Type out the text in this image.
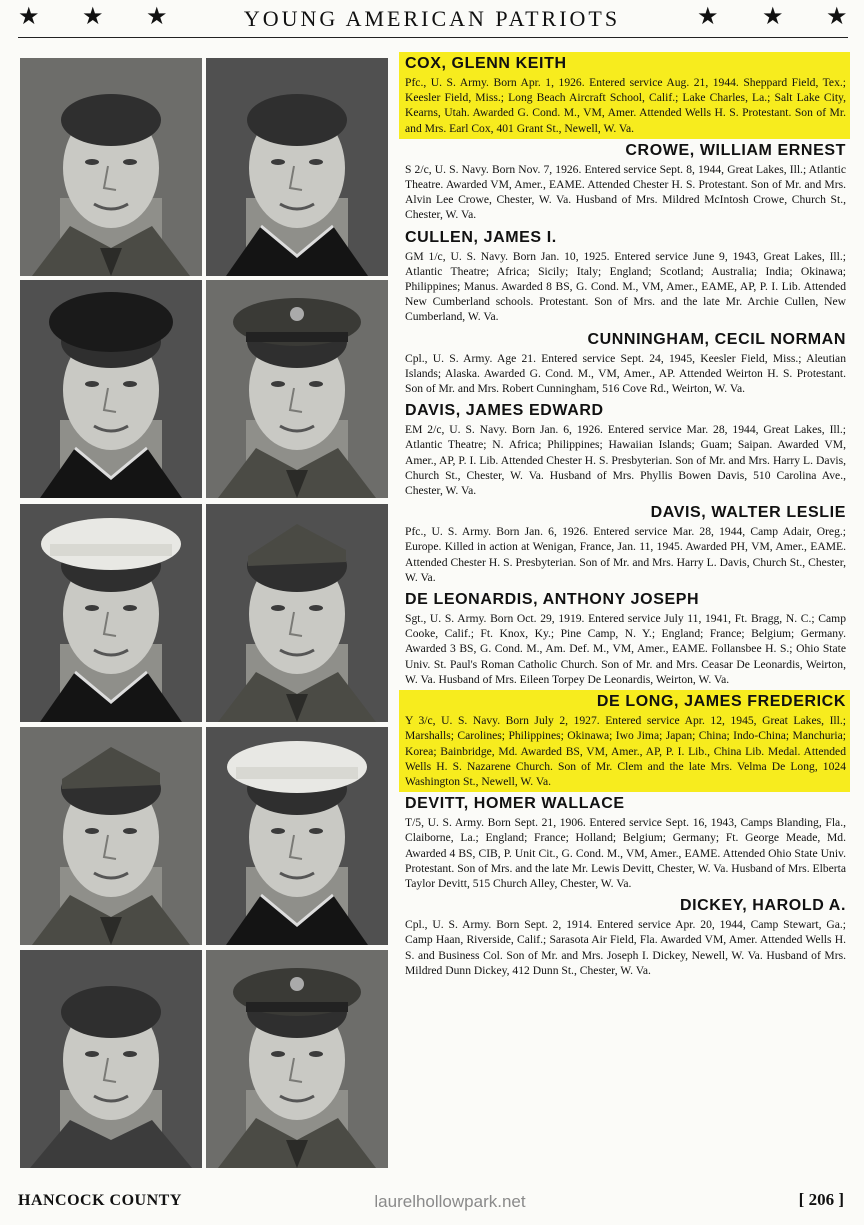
★ ★ ★	YOUNG AMERICAN PATRIOTS	★ ★ ★
COX, GLENN KEITH
Pfc., U. S. Army. Born Apr. 1, 1926. Entered service Aug. 21, 1944. Sheppard Field, Tex.; Keesler Field, Miss.; Long Beach Aircraft School, Calif.; Lake Charles, La.; Salt Lake City, Kearns, Utah. Awarded G. Cond. M., VM, Amer. Attended Wells H. S. Protestant. Son of Mr. and Mrs. Earl Cox, 401 Grant St., Newell, W. Va.
CROWE, WILLIAM ERNEST
S 2/c, U. S. Navy. Born Nov. 7, 1926. Entered service Sept. 8, 1944, Great Lakes, Ill.; Atlantic Theatre. Awarded VM, Amer., EAME. Attended Chester H. S. Protestant. Son of Mr. and Mrs. Alvin Lee Crowe, Chester, W. Va. Husband of Mrs. Mildred McIntosh Crowe, Church St., Chester, W. Va.
CULLEN, JAMES I.
GM 1/c, U. S. Navy. Born Jan. 10, 1925. Entered service June 9, 1943, Great Lakes, Ill.; Atlantic Theatre; Africa; Sicily; Italy; England; Scotland; Australia; India; Okinawa; Philippines; Manus. Awarded 8 BS, G. Cond. M., VM, Amer., EAME, AP, P. I. Lib. Attended New Cumberland schools. Protestant. Son of Mrs. and the late Mr. Archie Cullen, New Cumberland, W. Va.
CUNNINGHAM, CECIL NORMAN
Cpl., U. S. Army. Age 21. Entered service Sept. 24, 1945, Keesler Field, Miss.; Aleutian Islands; Alaska. Awarded G. Cond. M., VM, Amer., AP. Attended Weirton H. S. Protestant. Son of Mr. and Mrs. Robert Cunningham, 516 Cove Rd., Weirton, W. Va.
DAVIS, JAMES EDWARD
EM 2/c, U. S. Navy. Born Jan. 6, 1926. Entered service Mar. 28, 1944, Great Lakes, Ill.; Atlantic Theatre; N. Africa; Philippines; Hawaiian Islands; Guam; Saipan. Awarded VM, Amer., AP, P. I. Lib. Attended Chester H. S. Presbyterian. Son of Mr. and Mrs. Harry L. Davis, Church St., Chester, W. Va. Husband of Mrs. Phyllis Bowen Davis, 510 Carolina Ave., Chester, W. Va.
DAVIS, WALTER LESLIE
Pfc., U. S. Army. Born Jan. 6, 1926. Entered service Mar. 28, 1944, Camp Adair, Oreg.; Europe. Killed in action at Wenigan, France, Jan. 11, 1945. Awarded PH, VM, Amer., EAME. Attended Chester H. S. Presbyterian. Son of Mr. and Mrs. Harry L. Davis, Church St., Chester, W. Va.
DE LEONARDIS, ANTHONY JOSEPH
Sgt., U. S. Army. Born Oct. 29, 1919. Entered service July 11, 1941, Ft. Bragg, N. C.; Camp Cooke, Calif.; Ft. Knox, Ky.; Pine Camp, N. Y.; England; France; Belgium; Germany. Awarded 3 BS, G. Cond. M., Am. Def. M., VM, Amer., EAME. Follansbee H. S.; Ohio State Univ. St. Paul's Roman Catholic Church. Son of Mr. and Mrs. Ceasar De Leonardis, Weirton, W. Va. Husband of Mrs. Eileen Torpey De Leonardis, Weirton, W. Va.
DE LONG, JAMES FREDERICK
Y 3/c, U. S. Navy. Born July 2, 1927. Entered service Apr. 12, 1945, Great Lakes, Ill.; Marshalls; Carolines; Philippines; Okinawa; Iwo Jima; Japan; China; Indo-China; Manchuria; Korea; Bainbridge, Md. Awarded BS, VM, Amer., AP, P. I. Lib., China Lib. Medal. Attended Wells H. S. Nazarene Church. Son of Mr. Clem and the late Mrs. Velma De Long, 1024 Washington St., Newell, W. Va.
DEVITT, HOMER WALLACE
T/5, U. S. Army. Born Sept. 21, 1906. Entered service Sept. 16, 1943, Camps Blanding, Fla., Claiborne, La.; England; France; Holland; Belgium; Germany; Ft. George Meade, Md. Awarded 4 BS, CIB, P. Unit Cit., G. Cond. M., VM, Amer., EAME. Attended Ohio State Univ. Protestant. Son of Mrs. and the late Mr. Lewis Devitt, Chester, W. Va. Husband of Mrs. Elberta Taylor Devitt, 515 Church Alley, Chester, W. Va.
DICKEY, HAROLD A.
Cpl., U. S. Army. Born Sept. 2, 1914. Entered service Apr. 20, 1944, Camp Stewart, Ga.; Camp Haan, Riverside, Calif.; Sarasota Air Field, Fla. Awarded VM, Amer. Attended Wells H. S. and Business Col. Son of Mr. and Mrs. Joseph I. Dickey, Newell, W. Va. Husband of Mrs. Mildred Dunn Dickey, 412 Dunn St., Chester, W. Va.
HANCOCK COUNTY	laurelhollowpark.net	[ 206 ]
